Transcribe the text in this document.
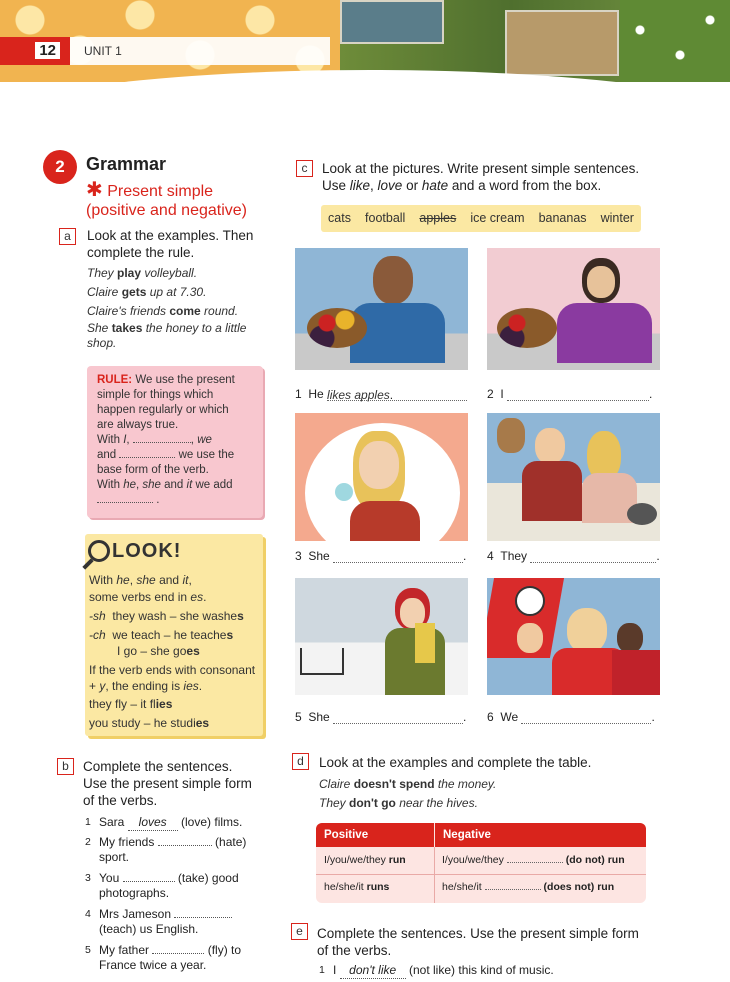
12	UNIT 1
2	Grammar
✱ Present simple
(positive and negative)
a	Look at the examples. Then
complete the rule.
They play volleyball.
Claire gets up at 7.30.
Claire's friends come round.
She takes the honey to a little
shop.
RULE: We use the present
simple for things which
happen regularly or which
are always true.
With I,	, we
and	we use the
base form of the verb.
With he, she and it we add
.
LOOK!
With he, she and it,
some verbs end in es.
-sh they wash – she washes
-ch we teach – he teaches
I go – she goes
If the verb ends with consonant
+ y, the ending is ies.
they fly – it flies
you study – he studies
b	Complete the sentences.
Use the present simple form
of the verbs.
1 Sara loves (love) films.
2 My friends	(hate)
sport.
3 You	(take) good
photographs.
4 Mrs Jameson
(teach) us English.
5 My father	(fly) to
France twice a year.
c	Look at the pictures. Write present simple sentences.
Use like, love or hate and a word from the box.
cats football apples ice cream bananas winter
1 He likes apples.	2 I	.
3 She	. 4 They	.
5 She	. 6 We	.
d	Look at the examples and complete the table.
Claire doesn't spend the money.
They don't go near the hives.
Positive	Negative
I/you/we/they run	I/you/we/they	(do not) run
he/she/it runs	he/she/it	(does not) run
e	Complete the sentences. Use the present simple form
of the verbs.
1 I don't like (not like) this kind of music.
